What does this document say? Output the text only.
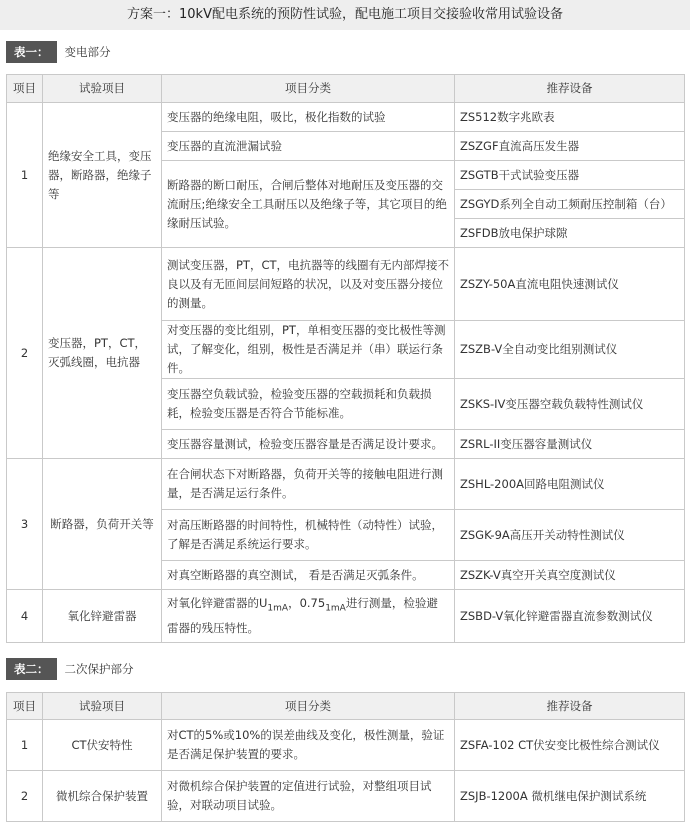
方案一：10kV配电系统的预防性试验，配电施工项目交接验收常用试验设备
表一： 变电部分
项目	试验项目	项目分类	推荐设备
1	绝缘安全工具，变压器，断路器，绝缘子等	变压器的绝缘电阻，吸比，极化指数的试验	ZS512数字兆欧表
		变压器的直流泄漏试验	ZSZGF直流高压发生器
		断路器的断口耐压，合闸后整体对地耐压及变压器的交流耐压;绝缘安全工具耐压以及绝缘子等，其它项目的绝缘耐压试验。	ZSGTB干式试验变压器
			ZSGYD系列全自动工频耐压控制箱（台）
			ZSFDB放电保护球隙
2	变压器，PT，CT，灭弧线圈，电抗器	测试变压器，PT，CT，电抗器等的线圈有无内部焊接不良以及有无匝间层间短路的状况，以及对变压器分接位的测量。	ZSZY-50A直流电阻快速测试仪
		对变压器的变比组别，PT，单相变压器的变比极性等测试，了解变化，组别，极性是否满足并（串）联运行条件。	ZSZB-V全自动变比组别测试仪
		变压器空负载试验，检验变压器的空载损耗和负载损耗，检验变压器是否符合节能标准。	ZSKS-IV变压器空载负载特性测试仪
		变压器容量测试，检验变压器容量是否满足设计要求。	ZSRL-II变压器容量测试仪
3	断路器，负荷开关等	在合闸状态下对断路器，负荷开关等的接触电阻进行测量，是否满足运行条件。	ZSHL-200A回路电阻测试仪
		对高压断路器的时间特性，机械特性（动特性）试验，了解是否满足系统运行要求。	ZSGK-9A高压开关动特性测试仪
		对真空断路器的真空测试， 看是否满足灭弧条件。	ZSZK-V真空开关真空度测试仪
4	氧化锌避雷器	对氧化锌避雷器的$U_{1mA}$，$0.75_{1mA}$进行测量，检验避雷器的残压特性。	ZSBD-V氧化锌避雷器直流参数测试仪
表二： 二次保护部分
项目	试验项目	项目分类	推荐设备
1	CT伏安特性	对CT的5%或10%的误差曲线及变化，极性测量，验证是否满足保护装置的要求。	ZSFA-102 CT伏安变比极性综合测试仪
2	微机综合保护装置	对微机综合保护装置的定值进行试验，对整组项目试验，对联动项目试验。	ZSJB-1200A 微机继电保护测试系统
